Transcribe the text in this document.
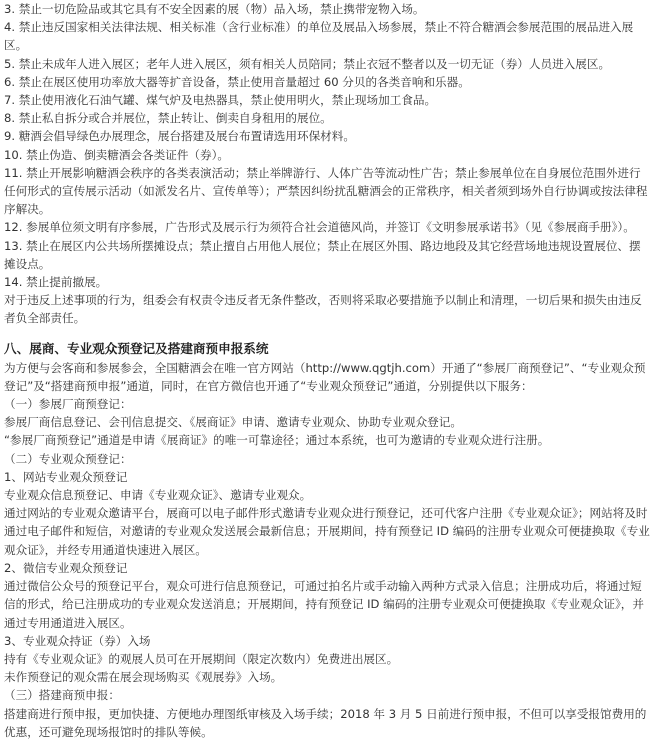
3. 禁止一切危险品或其它具有不安全因素的展（物）品入场，禁止携带宠物入场。

4. 禁止违反国家相关法律法规、相关标准（含行业标准）的单位及展品入场参展，禁止不符合糖酒会参展范围的展品进入展区。

5. 禁止未成年人进入展区；老年人进入展区，须有相关人员陪同；禁止衣冠不整者以及一切无证（券）人员进入展区。

6. 禁止在展区使用功率放大器等扩音设备，禁止使用音量超过 60 分贝的各类音响和乐器。

7. 禁止使用液化石油气罐、煤气炉及电热器具，禁止使用明火，禁止现场加工食品。

8. 禁止私自拆分或合并展位，禁止转让、倒卖自身租用的展位。

9. 糖酒会倡导绿色办展理念，展台搭建及展台布置请选用环保材料。

10. 禁止伪造、倒卖糖酒会各类证件（券）。

11. 禁止开展影响糖酒会秩序的各类表演活动；禁止举牌游行、人体广告等流动性广告；禁止参展单位在自身展位范围外进行任何形式的宣传展示活动（如派发名片、宣传单等）；严禁因纠纷扰乱糖酒会的正常秩序，相关者须到场外自行协调或按法律程序解决。

12. 参展单位须文明有序参展，广告形式及展示行为须符合社会道德风尚，并签订《文明参展承诺书》（见《参展商手册》）。

13. 禁止在展区内公共场所摆摊设点；禁止擅自占用他人展位；禁止在展区外围、路边地段及其它经营场地违规设置展位、摆摊设点。

14. 禁止提前撤展。

对于违反上述事项的行为，组委会有权责令违反者无条件整改，否则将采取必要措施予以制止和清理，一切后果和损失由违反者负全部责任。

八、展商、专业观众预登记及搭建商预申报系统

为方便与会客商和参展参会，全国糖酒会在唯一官方网站（http://www.qgtjh.com）开通了“参展厂商预登记”、“专业观众预登记”及“搭建商预申报”通道，同时，在官方微信也开通了“专业观众预登记”通道，分别提供以下服务：

（一）参展厂商预登记：

参展厂商信息登记、会刊信息提交、《展商证》申请、邀请专业观众、协助专业观众登记。

“参展厂商预登记”通道是申请《展商证》的唯一可靠途径；通过本系统，也可为邀请的专业观众进行注册。

（二）专业观众预登记：

1、网站专业观众预登记

专业观众信息预登记、申请《专业观众证》、邀请专业观众。

通过网站的专业观众邀请平台，展商可以电子邮件形式邀请专业观众进行预登记，还可代客户注册《专业观众证》；网站将及时通过电子邮件和短信，对邀请的专业观众发送展会最新信息；开展期间，持有预登记 ID 编码的注册专业观众可便捷换取《专业观众证》，并经专用通道快速进入展区。

2、微信专业观众预登记

通过微信公众号的预登记平台，观众可进行信息预登记，可通过拍名片或手动输入两种方式录入信息；注册成功后，将通过短信的形式，给已注册成功的专业观众发送消息；开展期间，持有预登记 ID 编码的注册专业观众可便捷换取《专业观众证》，并通过专用通道进入展区。

3、专业观众持证（券）入场

持有《专业观众证》的观展人员可在开展期间（限定次数内）免费进出展区。

未作预登记的观众需在展会现场购买《观展券》入场。

（三）搭建商预申报：

搭建商进行预申报，更加快捷、方便地办理图纸审核及入场手续；2018 年 3 月 5 日前进行预申报，不但可以享受报馆费用的优惠，还可避免现场报馆时的排队等候。
